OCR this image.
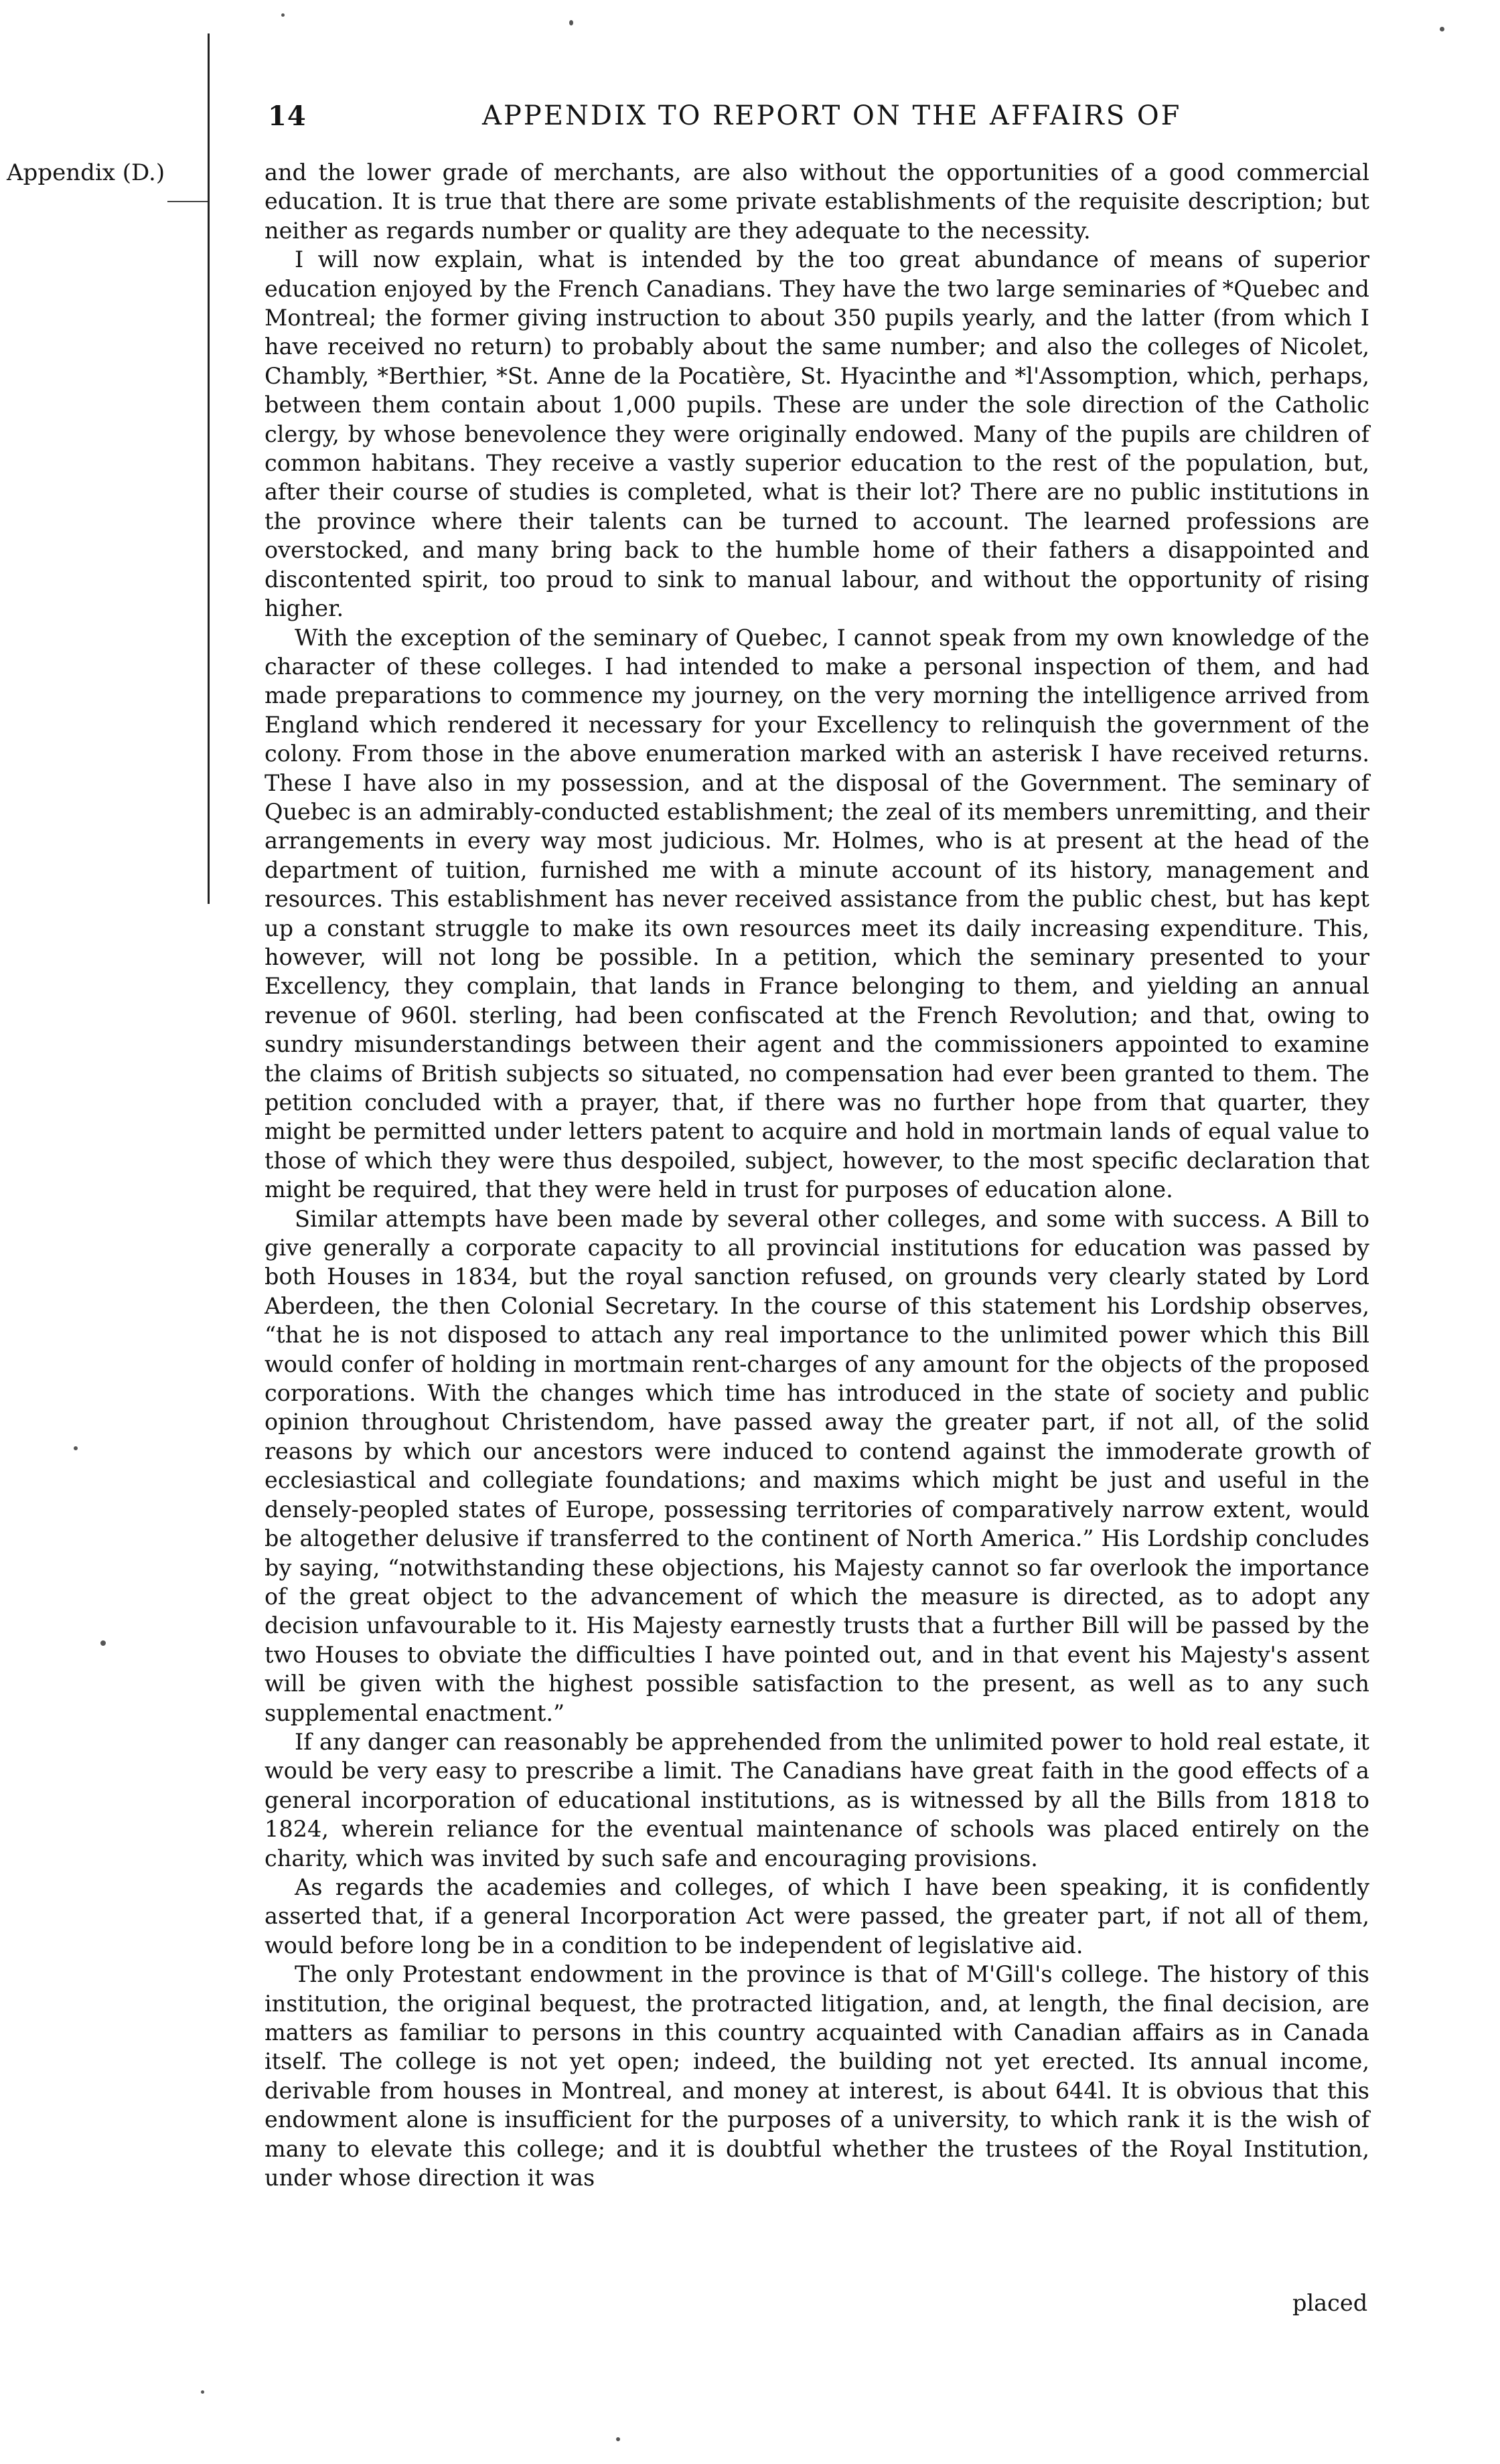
Appendix (D.)
14	APPENDIX TO REPORT ON THE AFFAIRS OF

and the lower grade of merchants, are also without the opportunities of a good commercial education. It is true that there are some private establishments of the requisite description; but neither as regards number or quality are they adequate to the necessity.

I will now explain, what is intended by the too great abundance of means of superior education enjoyed by the French Canadians. They have the two large seminaries of *Quebec and Montreal; the former giving instruction to about 350 pupils yearly, and the latter (from which I have received no return) to probably about the same number; and also the colleges of Nicolet, Chambly, *Berthier, *St. Anne de la Pocatière, St. Hyacinthe and *l'Assomption, which, perhaps, between them contain about 1,000 pupils. These are under the sole direction of the Catholic clergy, by whose benevolence they were originally endowed. Many of the pupils are children of common habitans. They receive a vastly superior education to the rest of the population, but, after their course of studies is completed, what is their lot? There are no public institutions in the province where their talents can be turned to account. The learned professions are overstocked, and many bring back to the humble home of their fathers a disappointed and discontented spirit, too proud to sink to manual labour, and without the opportunity of rising higher.

With the exception of the seminary of Quebec, I cannot speak from my own knowledge of the character of these colleges. I had intended to make a personal inspection of them, and had made preparations to commence my journey, on the very morning the intelligence arrived from England which rendered it necessary for your Excellency to relinquish the government of the colony. From those in the above enumeration marked with an asterisk I have received returns. These I have also in my possession, and at the disposal of the Government. The seminary of Quebec is an admirably-conducted establishment; the zeal of its members unremitting, and their arrangements in every way most judicious. Mr. Holmes, who is at present at the head of the department of tuition, furnished me with a minute account of its history, management and resources. This establishment has never received assistance from the public chest, but has kept up a constant struggle to make its own resources meet its daily increasing expenditure. This, however, will not long be possible. In a petition, which the seminary presented to your Excellency, they complain, that lands in France belonging to them, and yielding an annual revenue of 960l. sterling, had been confiscated at the French Revolution; and that, owing to sundry misunderstandings between their agent and the commissioners appointed to examine the claims of British subjects so situated, no compensation had ever been granted to them. The petition concluded with a prayer, that, if there was no further hope from that quarter, they might be permitted under letters patent to acquire and hold in mortmain lands of equal value to those of which they were thus despoiled, subject, however, to the most specific declaration that might be required, that they were held in trust for purposes of education alone.

Similar attempts have been made by several other colleges, and some with success. A Bill to give generally a corporate capacity to all provincial institutions for education was passed by both Houses in 1834, but the royal sanction refused, on grounds very clearly stated by Lord Aberdeen, the then Colonial Secretary. In the course of this statement his Lordship observes, “that he is not disposed to attach any real importance to the unlimited power which this Bill would confer of holding in mortmain rent-charges of any amount for the objects of the proposed corporations. With the changes which time has introduced in the state of society and public opinion throughout Christendom, have passed away the greater part, if not all, of the solid reasons by which our ancestors were induced to contend against the immoderate growth of ecclesiastical and collegiate foundations; and maxims which might be just and useful in the densely-peopled states of Europe, possessing territories of comparatively narrow extent, would be altogether delusive if transferred to the continent of North America.” His Lordship concludes by saying, “notwithstanding these objections, his Majesty cannot so far overlook the importance of the great object to the advancement of which the measure is directed, as to adopt any decision unfavourable to it. His Majesty earnestly trusts that a further Bill will be passed by the two Houses to obviate the difficulties I have pointed out, and in that event his Majesty's assent will be given with the highest possible satisfaction to the present, as well as to any such supplemental enactment.”

If any danger can reasonably be apprehended from the unlimited power to hold real estate, it would be very easy to prescribe a limit. The Canadians have great faith in the good effects of a general incorporation of educational institutions, as is witnessed by all the Bills from 1818 to 1824, wherein reliance for the eventual maintenance of schools was placed entirely on the charity, which was invited by such safe and encouraging provisions.

As regards the academies and colleges, of which I have been speaking, it is confidently asserted that, if a general Incorporation Act were passed, the greater part, if not all of them, would before long be in a condition to be independent of legislative aid.

The only Protestant endowment in the province is that of M'Gill's college. The history of this institution, the original bequest, the protracted litigation, and, at length, the final decision, are matters as familiar to persons in this country acquainted with Canadian affairs as in Canada itself. The college is not yet open; indeed, the building not yet erected. Its annual income, derivable from houses in Montreal, and money at interest, is about 644l. It is obvious that this endowment alone is insufficient for the purposes of a university, to which rank it is the wish of many to elevate this college; and it is doubtful whether the trustees of the Royal Institution, under whose direction it was

placed
